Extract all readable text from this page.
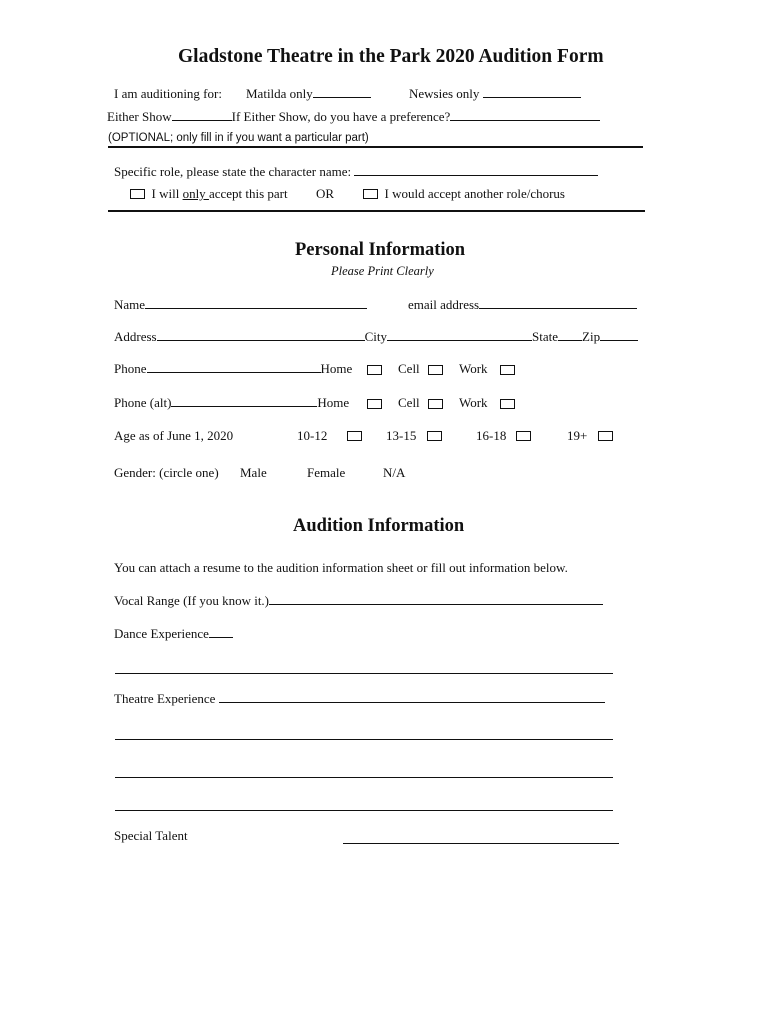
Gladstone Theatre in the Park 2020 Audition Form
I am auditioning for: Matilda only	Newsies only
Either Show	If Either Show, do you have a preference?
(OPTIONAL; only fill in if you want a particular part)
Specific role, please state the character name:
I will only accept this part OR	I would accept another role/chorus
Personal Information
Please Print Clearly
Name	email address
Address	City	State Zip
Phone	Home	Cell	Work
Phone (alt)	Home	Cell	Work
Age as of June 1, 2020	10-12	13-15	16-18	19+
Gender: (circle one) Male	Female	N/A
Audition Information
You can attach a resume to the audition information sheet or fill out information below.
Vocal Range (If you know it.)
Dance Experience
Theatre Experience
Special Talent
